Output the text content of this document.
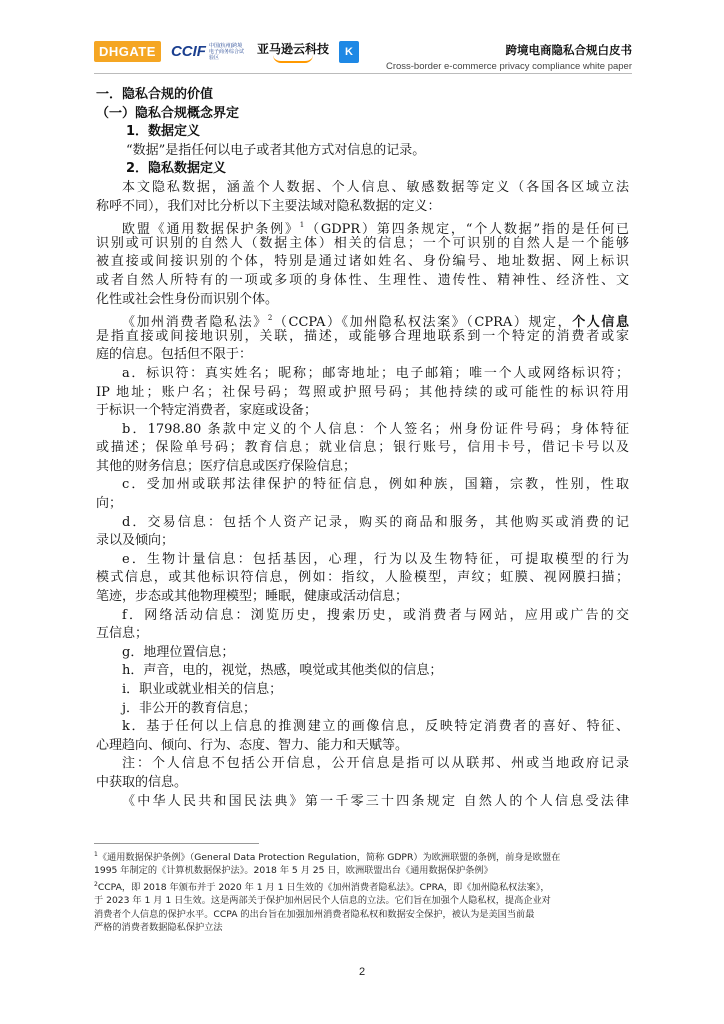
DHGATE	CCIF 中国(杭州)跨境电子商务综合试验区
亚马逊云科技	K	跨境电商隐私合规白皮书
Cross-border e-commerce privacy compliance white paper
一．隐私合规的价值
（一）隐私合规概念界定
1．数据定义
“数据”是指任何以电子或者其他方式对信息的记录。
2．隐私数据定义
本文隐私数据，涵盖个人数据、个人信息、敏感数据等定义（各国各区域立法
称呼不同），我们对比分析以下主要法域对隐私数据的定义：
欧盟《通用数据保护条例》$^1$（GDPR）第四条规定，“个人数据”指的是任何已
识别或可识别的自然人（数据主体）相关的信息；一个可识别的自然人是一个能够
被直接或间接识别的个体，特别是通过诸如姓名、身份编号、地址数据、网上标识
或者自然人所特有的一项或多项的身体性、生理性、遗传性、精神性、经济性、文
化性或社会性身份而识别个体。
《加州消费者隐私法》$^2$（CCPA）《加州隐私权法案》（CPRA）规定，个人信息
是指直接或间接地识别，关联，描述，或能够合理地联系到一个特定的消费者或家
庭的信息。包括但不限于：
a．标识符：真实姓名；昵称；邮寄地址；电子邮箱；唯一个人或网络标识符；
IP 地址；账户名；社保号码；驾照或护照号码；其他持续的或可能性的标识符用
于标识一个特定消费者，家庭或设备；
b．1798.80 条款中定义的个人信息：个人签名；州身份证件号码；身体特征
或描述；保险单号码；教育信息；就业信息；银行账号，信用卡号，借记卡号以及
其他的财务信息；医疗信息或医疗保险信息；
c．受加州或联邦法律保护的特征信息，例如种族，国籍，宗教，性别，性取
向；
d．交易信息：包括个人资产记录，购买的商品和服务，其他购买或消费的记
录以及倾向；
e．生物计量信息：包括基因，心理，行为以及生物特征，可提取模型的行为
模式信息，或其他标识符信息，例如：指纹，人脸模型，声纹；虹膜、视网膜扫描；
笔迹，步态或其他物理模型；睡眠，健康或活动信息；
f．网络活动信息：浏览历史，搜索历史，或消费者与网站，应用或广告的交
互信息；
g．地理位置信息；
h．声音，电的，视觉，热感，嗅觉或其他类似的信息；
i．职业或就业相关的信息；
j．非公开的教育信息；
k．基于任何以上信息的推测建立的画像信息，反映特定消费者的喜好、特征、
心理趋向、倾向、行为、态度、智力、能力和天赋等。
注：个人信息不包括公开信息，公开信息是指可以从联邦、州或当地政府记录
中获取的信息。
《中华人民共和国民法典》第一千零三十四条规定 自然人的个人信息受法律
$^1$《通用数据保护条例》（General Data Protection Regulation，简称 GDPR）为欧洲联盟的条例，前身是欧盟在
1995 年制定的《计算机数据保护法》。2018 年 5 月 25 日，欧洲联盟出台《通用数据保护条例》
$^2$CCPA，即 2018 年颁布并于 2020 年 1 月 1 日生效的《加州消费者隐私法》。CPRA，即《加州隐私权法案》，
于 2023 年 1 月 1 日生效。这是两部关于保护加州居民个人信息的立法。它们旨在加强个人隐私权，提高企业对
消费者个人信息的保护水平。CCPA 的出台旨在加强加州消费者隐私权和数据安全保护，被认为是美国当前最
严格的消费者数据隐私保护立法
2
